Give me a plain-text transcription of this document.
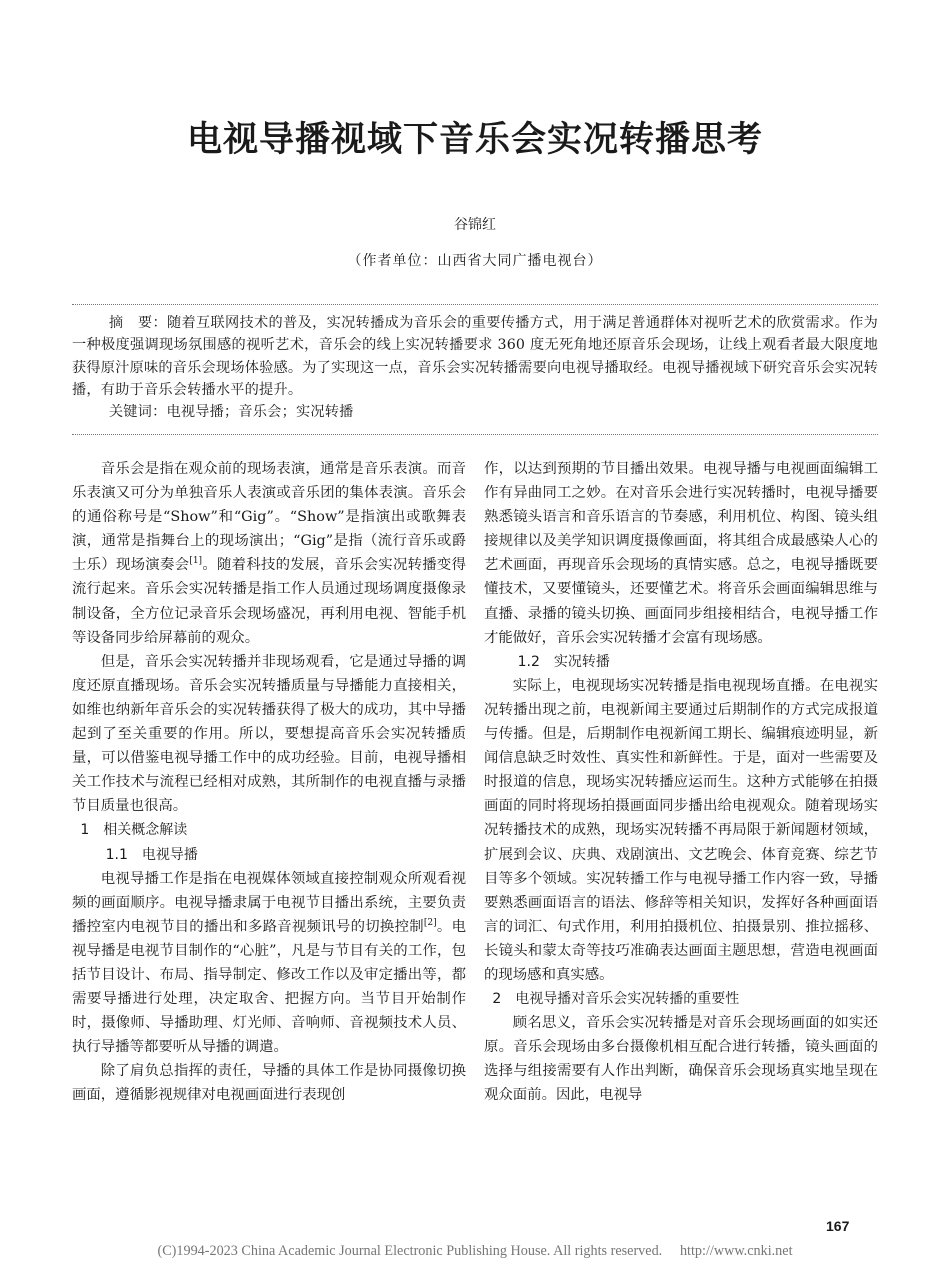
电视导播视域下音乐会实况转播思考
谷锦红
（作者单位：山西省大同广播电视台）

摘　要：随着互联网技术的普及，实况转播成为音乐会的重要传播方式，用于满足普通群体对视听艺术的欣赏需求。作为一种极度强调现场氛围感的视听艺术，音乐会的线上实况转播要求 360 度无死角地还原音乐会现场，让线上观看者最大限度地获得原汁原味的音乐会现场体验感。为了实现这一点，音乐会实况转播需要向电视导播取经。电视导播视域下研究音乐会实况转播，有助于音乐会转播水平的提升。

关键词：电视导播；音乐会；实况转播

音乐会是指在观众前的现场表演，通常是音乐表演。而音乐表演又可分为单独音乐人表演或音乐团的集体表演。音乐会的通俗称号是“Show”和“Gig”。“Show”是指演出或歌舞表演，通常是指舞台上的现场演出；“Gig”是指（流行音乐或爵士乐）现场演奏会[1]。随着科技的发展，音乐会实况转播变得流行起来。音乐会实况转播是指工作人员通过现场调度摄像录制设备，全方位记录音乐会现场盛况，再利用电视、智能手机等设备同步给屏幕前的观众。

但是，音乐会实况转播并非现场观看，它是通过导播的调度还原直播现场。音乐会实况转播质量与导播能力直接相关，如维也纳新年音乐会的实况转播获得了极大的成功，其中导播起到了至关重要的作用。所以，要想提高音乐会实况转播质量，可以借鉴电视导播工作中的成功经验。目前，电视导播相关工作技术与流程已经相对成熟，其所制作的电视直播与录播节目质量也很高。

1　相关概念解读
1.1　电视导播

电视导播工作是指在电视媒体领域直接控制观众所观看视频的画面顺序。电视导播隶属于电视节目播出系统，主要负责播控室内电视节目的播出和多路音视频讯号的切换控制[2]。电视导播是电视节目制作的“心脏”，凡是与节目有关的工作，包括节目设计、布局、指导制定、修改工作以及审定播出等，都需要导播进行处理，决定取舍、把握方向。当节目开始制作时，摄像师、导播助理、灯光师、音响师、音视频技术人员、执行导播等都要听从导播的调遣。

除了肩负总指挥的责任，导播的具体工作是协同摄像切换画面，遵循影视规律对电视画面进行表现创

作，以达到预期的节目播出效果。电视导播与电视画面编辑工作有异曲同工之妙。在对音乐会进行实况转播时，电视导播要熟悉镜头语言和音乐语言的节奏感，利用机位、构图、镜头组接规律以及美学知识调度摄像画面，将其组合成最感染人心的艺术画面，再现音乐会现场的真情实感。总之，电视导播既要懂技术，又要懂镜头，还要懂艺术。将音乐会画面编辑思维与直播、录播的镜头切换、画面同步组接相结合，电视导播工作才能做好，音乐会实况转播才会富有现场感。

1.2　实况转播

实际上，电视现场实况转播是指电视现场直播。在电视实况转播出现之前，电视新闻主要通过后期制作的方式完成报道与传播。但是，后期制作电视新闻工期长、编辑痕迹明显，新闻信息缺乏时效性、真实性和新鲜性。于是，面对一些需要及时报道的信息，现场实况转播应运而生。这种方式能够在拍摄画面的同时将现场拍摄画面同步播出给电视观众。随着现场实况转播技术的成熟，现场实况转播不再局限于新闻题材领域，扩展到会议、庆典、戏剧演出、文艺晚会、体育竞赛、综艺节目等多个领域。实况转播工作与电视导播工作内容一致，导播要熟悉画面语言的语法、修辞等相关知识，发挥好各种画面语言的词汇、句式作用，利用拍摄机位、拍摄景别、推拉摇移、长镜头和蒙太奇等技巧准确表达画面主题思想，营造电视画面的现场感和真实感。

2　电视导播对音乐会实况转播的重要性

顾名思义，音乐会实况转播是对音乐会现场画面的如实还原。音乐会现场由多台摄像机相互配合进行转播，镜头画面的选择与组接需要有人作出判断，确保音乐会现场真实地呈现在观众面前。因此，电视导

167
(C)1994-2023 China Academic Journal Electronic Publishing House. All rights reserved.　 http://www.cnki.net
